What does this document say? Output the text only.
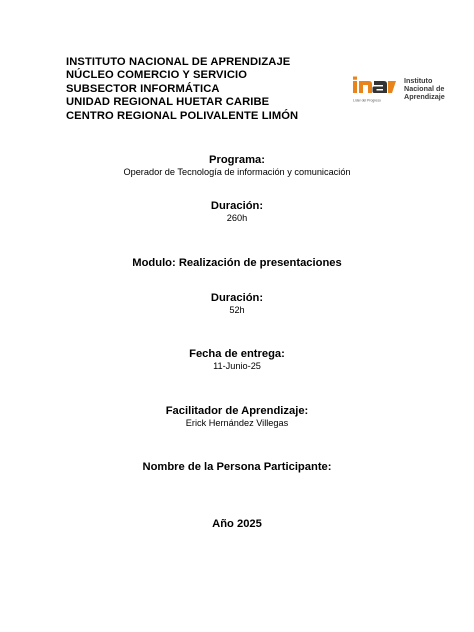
INSTITUTO NACIONAL DE APRENDIZAJE
NÚCLEO COMERCIO Y SERVICIO
SUBSECTOR INFORMÁTICA
UNIDAD REGIONAL HUETAR CARIBE
CENTRO REGIONAL POLIVALENTE LIMÓN
Líder del Progreso
Instituto
Nacional de
Aprendizaje
Programa:
Operador de Tecnología de información y comunicación
Duración:
260h
Modulo: Realización de presentaciones
Duración:
52h
Fecha de entrega:
11-Junio-25
Facilitador de Aprendizaje:
Erick Hernández Villegas
Nombre de la Persona Participante:
Año 2025
